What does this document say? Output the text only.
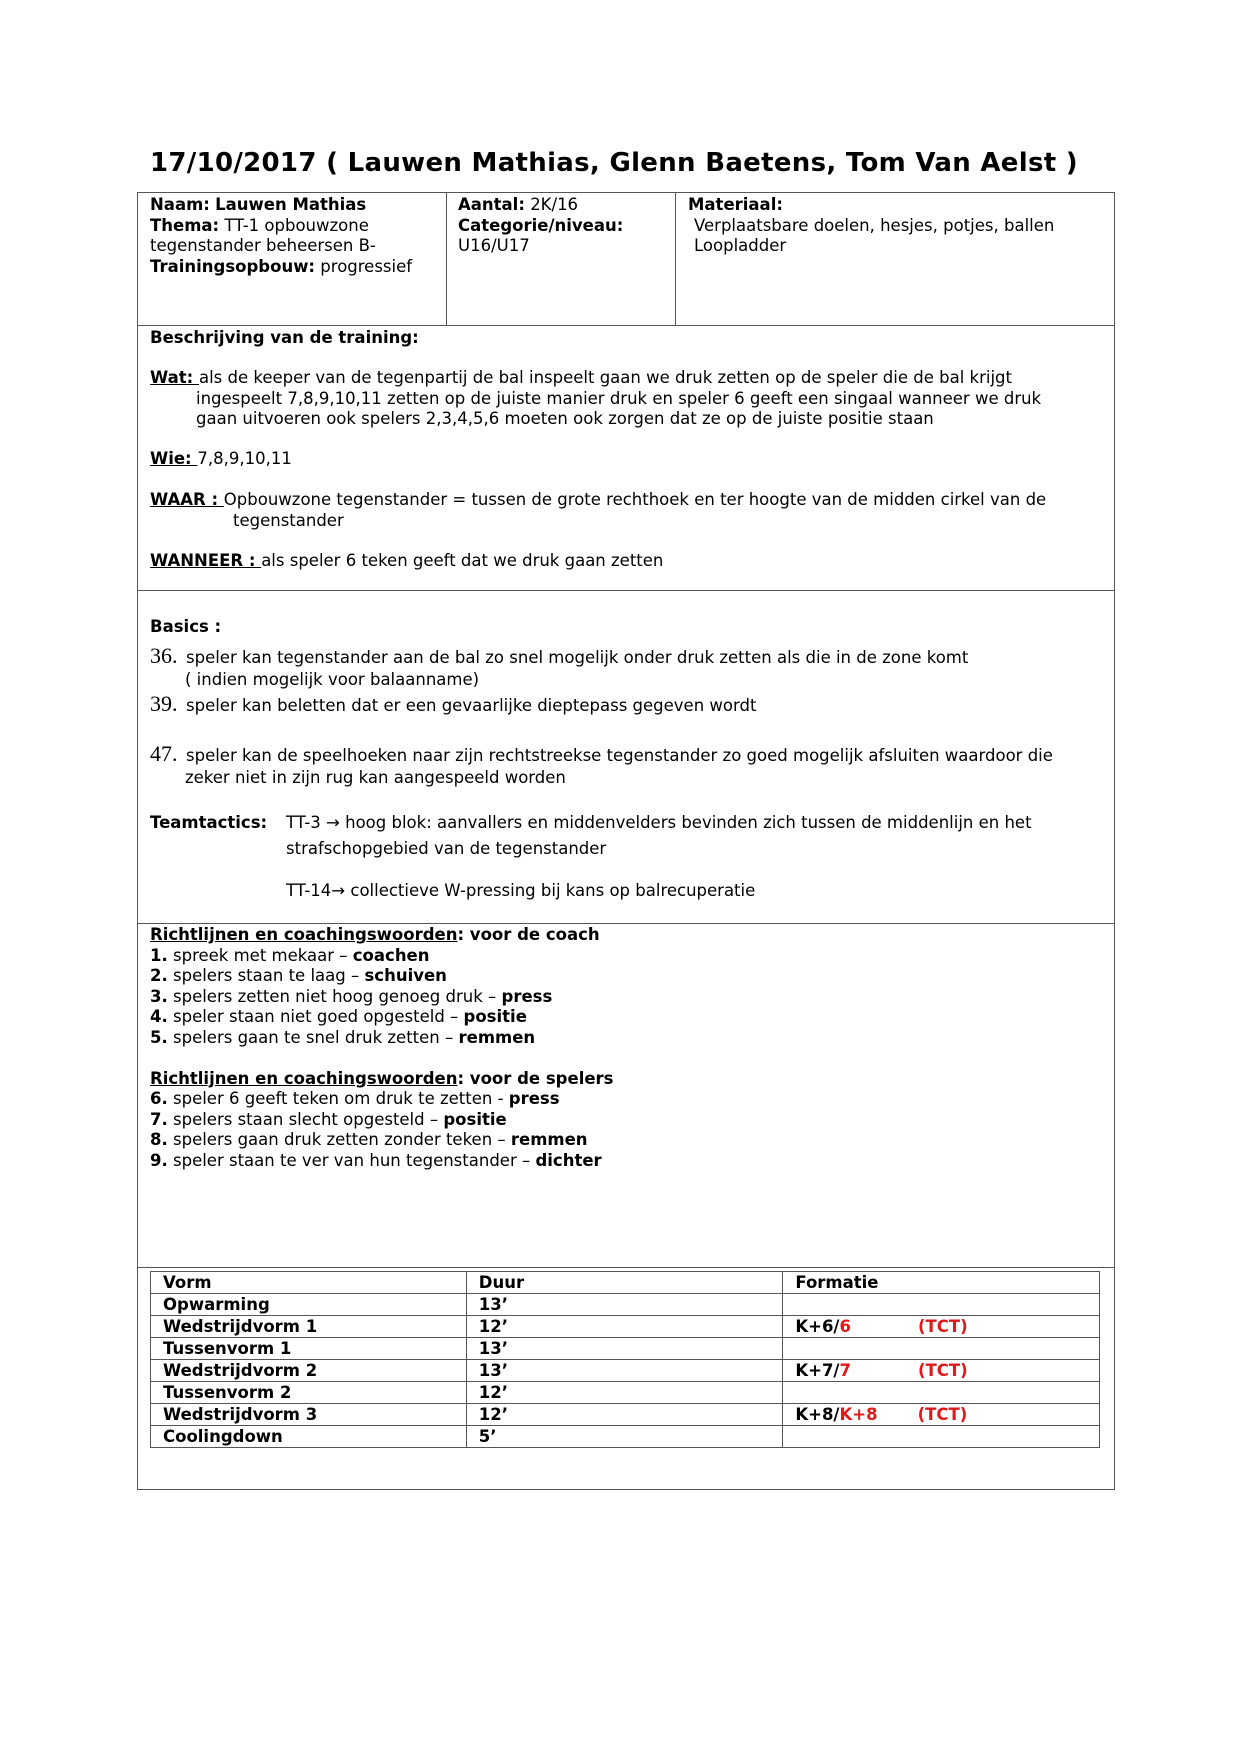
17/10/2017 ( Lauwen Mathias, Glenn Baetens, Tom Van Aelst )
Naam: Lauwen Mathias
Thema: TT-1 opbouwzone
tegenstander beheersen B-
Trainingsopbouw: progressief
Aantal: 2K/16
Categorie/niveau:
U16/U17
Materiaal:
Verplaatsbare doelen, hesjes, potjes, ballen
Loopladder
Beschrijving van de training:
Wat: als de keeper van de tegenpartij de bal inspeelt gaan we druk zetten op de speler die de bal krijgt
ingespeelt 7,8,9,10,11 zetten op de juiste manier druk en speler 6 geeft een singaal wanneer we druk
gaan uitvoeren ook spelers 2,3,4,5,6 moeten ook zorgen dat ze op de juiste positie staan
Wie: 7,8,9,10,11
WAAR : Opbouwzone tegenstander = tussen de grote rechthoek en ter hoogte van de midden cirkel van de
tegenstander
WANNEER : als speler 6 teken geeft dat we druk gaan zetten
Basics :
36. speler kan tegenstander aan de bal zo snel mogelijk onder druk zetten als die in de zone komt
( indien mogelijk voor balaanname)
39. speler kan beletten dat er een gevaarlijke dieptepass gegeven wordt
47. speler kan de speelhoeken naar zijn rechtstreekse tegenstander zo goed mogelijk afsluiten waardoor die
zeker niet in zijn rug kan aangespeeld worden
Teamtactics: TT-3 → hoog blok: aanvallers en middenvelders bevinden zich tussen de middenlijn en het
strafschopgebied van de tegenstander
TT-14→ collectieve W-pressing bij kans op balrecuperatie
Richtlijnen en coachingswoorden: voor de coach
1. spreek met mekaar – coachen
2. spelers staan te laag – schuiven
3. spelers zetten niet hoog genoeg druk – press
4. speler staan niet goed opgesteld – positie
5. spelers gaan te snel druk zetten – remmen
Richtlijnen en coachingswoorden: voor de spelers
6. speler 6 geeft teken om druk te zetten - press
7. spelers staan slecht opgesteld – positie
8. spelers gaan druk zetten zonder teken – remmen
9. speler staan te ver van hun tegenstander – dichter
Vorm	Duur	Formatie
Opwarming	13’	
Wedstrijdvorm 1	12’	K+6/6 (TCT)

Tussenvorm 1	13’	
Wedstrijdvorm 2	13’	K+7/7 (TCT)

Tussenvorm 2	12’	
Wedstrijdvorm 3	12’	K+8/K+8 (TCT)

Coolingdown	5’	
